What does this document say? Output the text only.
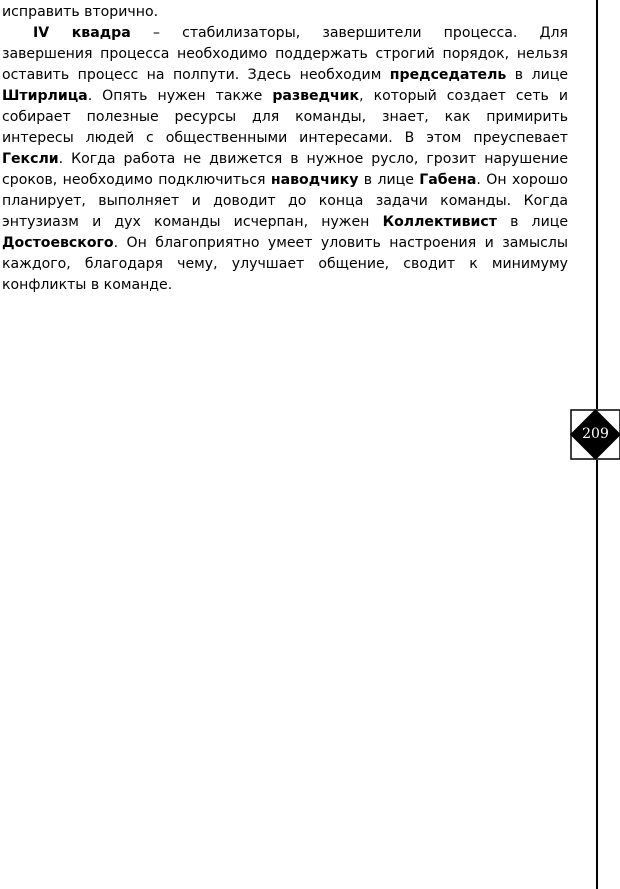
исправить вторично.
IV квадра – стабилизаторы, завершители процесса. Для
завершения процесса необходимо поддержать строгий порядок, нельзя
оставить процесс на полпути. Здесь необходим председатель в лице
Штирлица. Опять нужен также разведчик, который создает сеть и
собирает полезные ресурсы для команды, знает, как примирить
интересы людей с общественными интересами. В этом преуспевает
Гексли. Когда работа не движется в нужное русло, грозит нарушение
сроков, необходимо подключиться наводчику в лице Габена. Он хорошо
планирует, выполняет и доводит до конца задачи команды. Когда
энтузиазм и дух команды исчерпан, нужен Коллективист в лице
Достоевского. Он благоприятно умеет уловить настроения и замыслы
каждого, благодаря чему, улучшает общение, сводит к минимуму
конфликты в команде.
209
